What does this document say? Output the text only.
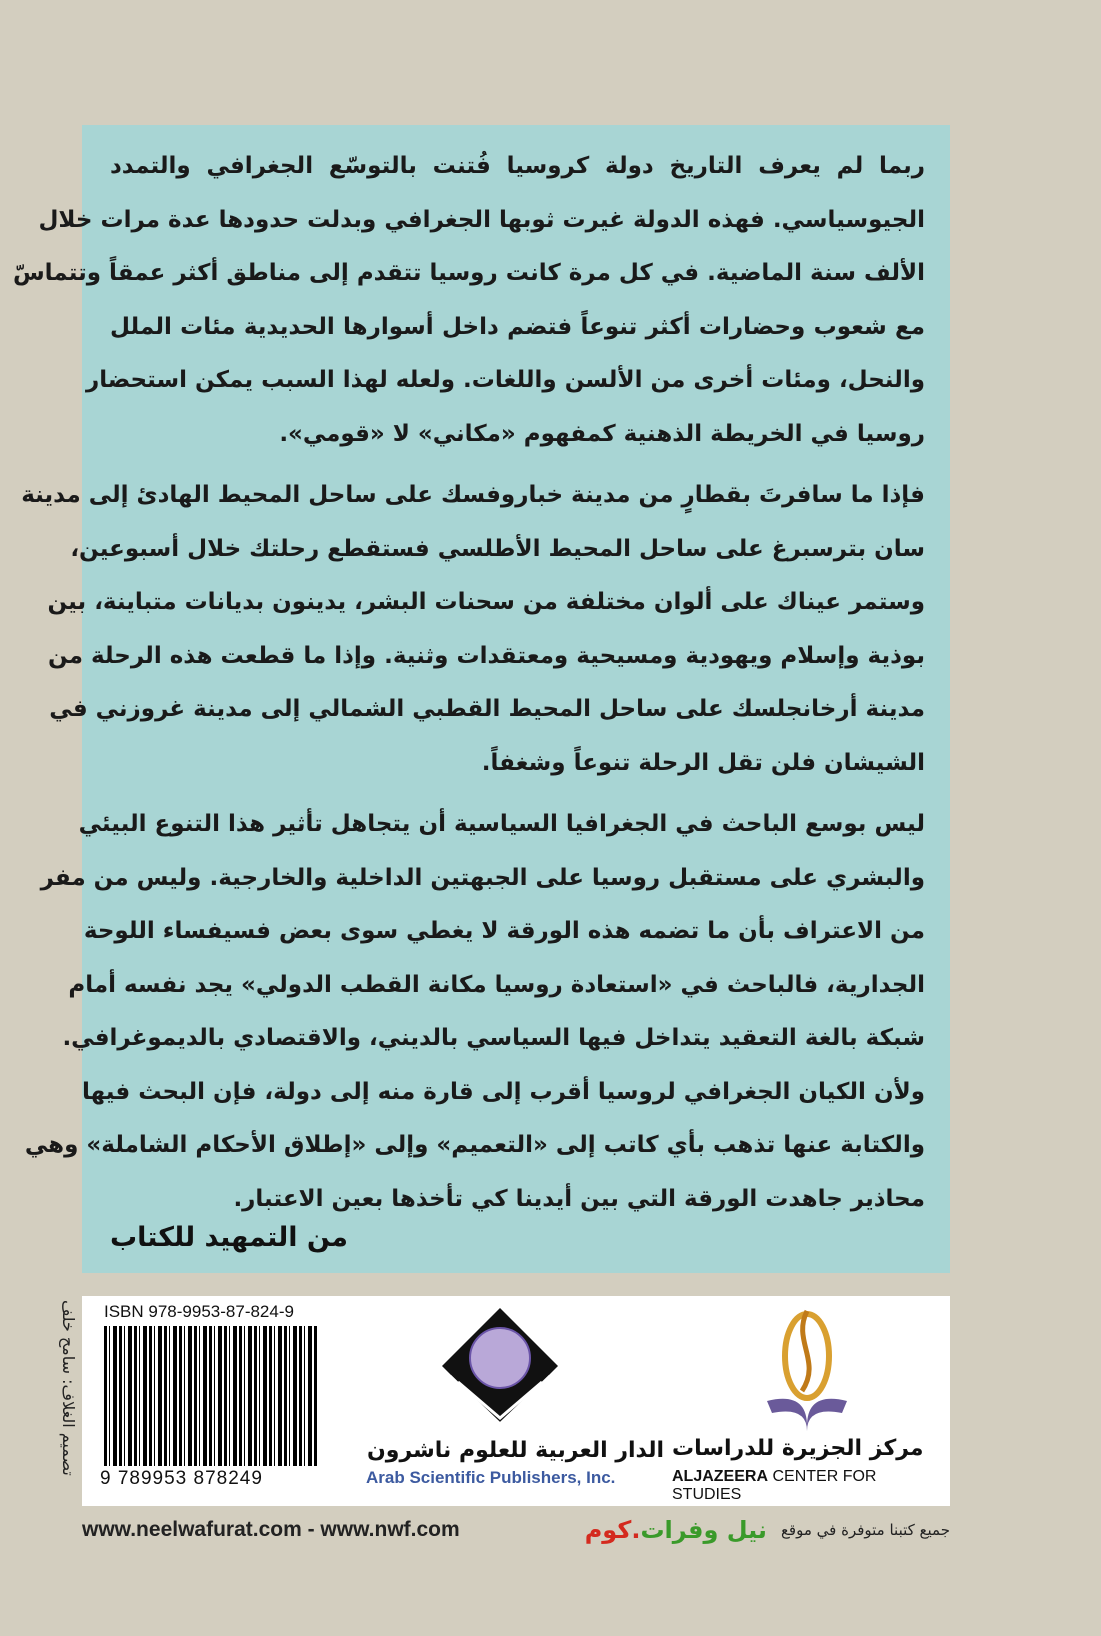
ربما لم يعرف التاريخ دولة كروسيا فُتنت بالتوسّع الجغرافي والتمدد
الجيوسياسي. فهذه الدولة غيرت ثوبها الجغرافي وبدلت حدودها عدة مرات خلال
الألف سنة الماضية. في كل مرة كانت روسيا تتقدم إلى مناطق أكثر عمقاً وتتماسّ
مع شعوب وحضارات أكثر تنوعاً فتضم داخل أسوارها الحديدية مئات الملل
والنحل، ومئات أخرى من الألسن واللغات. ولعله لهذا السبب يمكن استحضار
روسيا في الخريطة الذهنية كمفهوم «مكاني» لا «قومي».
فإذا ما سافرتَ بقطارٍ من مدينة خباروفسك على ساحل المحيط الهادئ إلى مدينة
سان بترسبرغ على ساحل المحيط الأطلسي فستقطع رحلتك خلال أسبوعين،
وستمر عيناك على ألوان مختلفة من سحنات البشر، يدينون بديانات متباينة، بين
بوذية وإسلام ويهودية ومسيحية ومعتقدات وثنية. وإذا ما قطعت هذه الرحلة من
مدينة أرخانجلسك على ساحل المحيط القطبي الشمالي إلى مدينة غروزني في
الشيشان فلن تقل الرحلة تنوعاً وشغفاً.
ليس بوسع الباحث في الجغرافيا السياسية أن يتجاهل تأثير هذا التنوع البيئي
والبشري على مستقبل روسيا على الجبهتين الداخلية والخارجية. وليس من مفر
من الاعتراف بأن ما تضمه هذه الورقة لا يغطي سوى بعض فسيفساء اللوحة
الجدارية، فالباحث في «استعادة روسيا مكانة القطب الدولي» يجد نفسه أمام
شبكة بالغة التعقيد يتداخل فيها السياسي بالديني، والاقتصادي بالديموغرافي.
ولأن الكيان الجغرافي لروسيا أقرب إلى قارة منه إلى دولة، فإن البحث فيها
والكتابة عنها تذهب بأي كاتب إلى «التعميم» وإلى «إطلاق الأحكام الشاملة» وهي
محاذير جاهدت الورقة التي بين أيدينا كي تأخذها بعين الاعتبار.
من التمهيد للكتاب
تصميم الغلاف: سامح خلف ISBN 978-9953-87-824-9
9 789953 878249
الدار العربية للعلوم ناشرون
Arab Scientific Publishers, Inc.
مركز الجزيرة للدراسات
ALJAZEERA CENTER FOR STUDIES
www.neelwafurat.com - www.nwf.com	نيل وفرات.كوم	جميع كتبنا متوفرة في موقع
